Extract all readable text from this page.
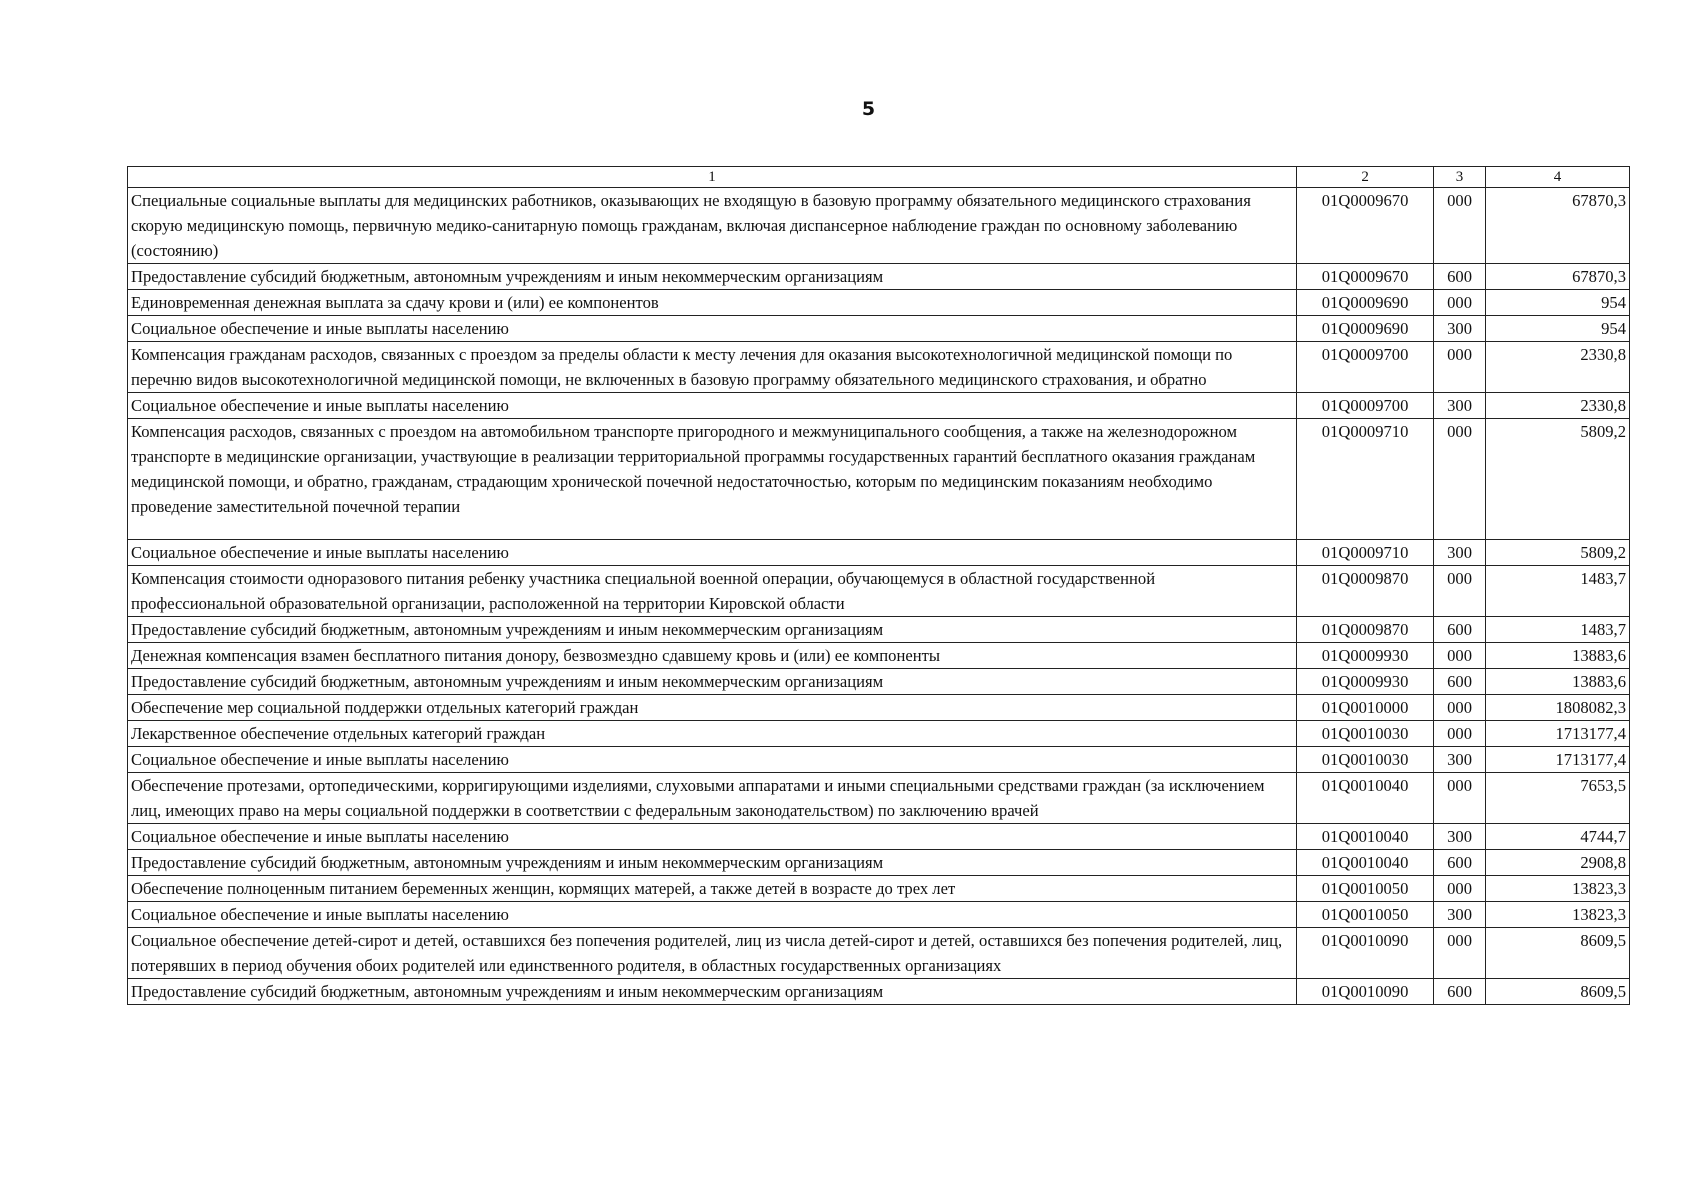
5
1	2	3	4
Специальные социальные выплаты для медицинских работников, оказывающих не входящую в базовую программу обязательного медицинского страхования скорую медицинскую помощь, первичную медико-санитарную помощь гражданам, включая диспансерное наблюдение граждан по основному заболеванию (состоянию)	01Q0009670	000	67870,3
Предоставление субсидий бюджетным, автономным учреждениям и иным некоммерческим организациям	01Q0009670	600	67870,3
Единовременная денежная выплата за сдачу крови и (или) ее компонентов	01Q0009690	000	954
Социальное обеспечение и иные выплаты населению	01Q0009690	300	954
Компенсация гражданам расходов, связанных с проездом за пределы области к месту лечения для оказания высокотехнологичной медицинской помощи по перечню видов высокотехнологичной медицинской помощи, не включенных в базовую программу обязательного медицинского страхования, и обратно	01Q0009700	000	2330,8
Социальное обеспечение и иные выплаты населению	01Q0009700	300	2330,8
Компенсация расходов, связанных с проездом на автомобильном транспорте пригородного и межмуниципального сообщения, а также на железнодорожном транспорте в медицинские организации, участвующие в реализации территориальной программы государственных гарантий бесплатного оказания гражданам медицинской помощи, и обратно, гражданам, страдающим хронической почечной недостаточностью, которым по медицинским показаниям необходимо проведение заместительной почечной терапии	01Q0009710	000	5809,2
Социальное обеспечение и иные выплаты населению	01Q0009710	300	5809,2
Компенсация стоимости одноразового питания ребенку участника специальной военной операции, обучающемуся в областной государственной профессиональной образовательной организации, расположенной на территории Кировской области	01Q0009870	000	1483,7
Предоставление субсидий бюджетным, автономным учреждениям и иным некоммерческим организациям	01Q0009870	600	1483,7
Денежная компенсация взамен бесплатного питания донору, безвозмездно сдавшему кровь и (или) ее компоненты	01Q0009930	000	13883,6
Предоставление субсидий бюджетным, автономным учреждениям и иным некоммерческим организациям	01Q0009930	600	13883,6
Обеспечение мер социальной поддержки отдельных категорий граждан	01Q0010000	000	1808082,3
Лекарственное обеспечение отдельных категорий граждан	01Q0010030	000	1713177,4
Социальное обеспечение и иные выплаты населению	01Q0010030	300	1713177,4
Обеспечение протезами, ортопедическими, корригирующими изделиями, слуховыми аппаратами и иными специальными средствами граждан (за исключением лиц, имеющих право на меры социальной поддержки в соответствии с федеральным законодательством) по заключению врачей	01Q0010040	000	7653,5
Социальное обеспечение и иные выплаты населению	01Q0010040	300	4744,7
Предоставление субсидий бюджетным, автономным учреждениям и иным некоммерческим организациям	01Q0010040	600	2908,8
Обеспечение полноценным питанием беременных женщин, кормящих матерей, а также детей в возрасте до трех лет	01Q0010050	000	13823,3
Социальное обеспечение и иные выплаты населению	01Q0010050	300	13823,3
Социальное обеспечение детей-сирот и детей, оставшихся без попечения родителей, лиц из числа детей-сирот и детей, оставшихся без попечения родителей, лиц, потерявших в период обучения обоих родителей или единственного родителя, в областных государственных организациях	01Q0010090	000	8609,5
Предоставление субсидий бюджетным, автономным учреждениям и иным некоммерческим организациям	01Q0010090	600	8609,5
